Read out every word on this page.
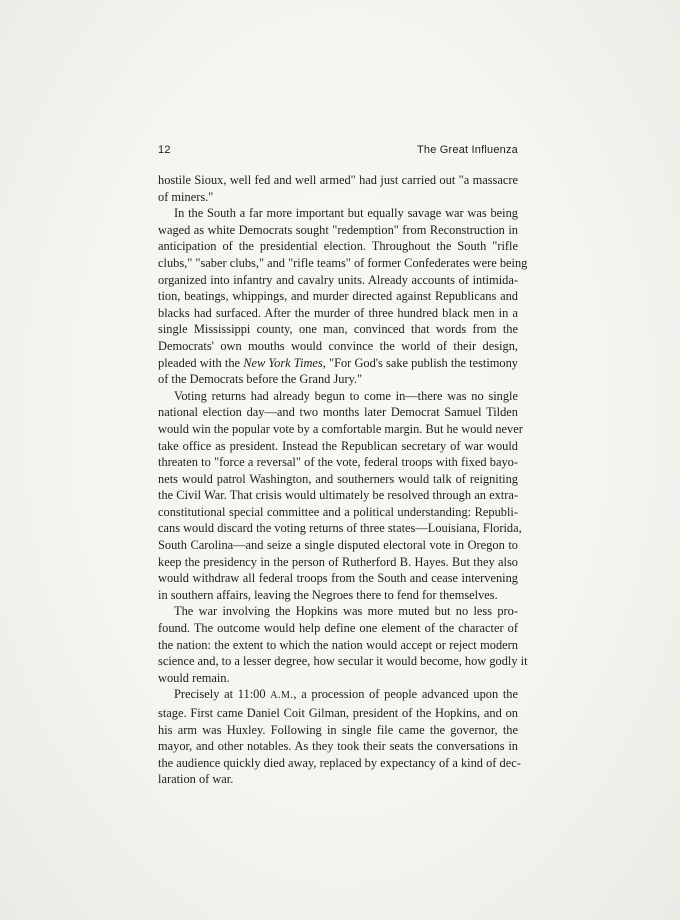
12	The Great Influenza

hostile Sioux, well fed and well armed" had just carried out "a massacre
of miners."

In the South a far more important but equally savage war was being
waged as white Democrats sought "redemption" from Reconstruction in
anticipation of the presidential election. Throughout the South "rifle
clubs," "saber clubs," and "rifle teams" of former Confederates were being
organized into infantry and cavalry units. Already accounts of intimida-
tion, beatings, whippings, and murder directed against Republicans and
blacks had surfaced. After the murder of three hundred black men in a
single Mississippi county, one man, convinced that words from the
Democrats' own mouths would convince the world of their design,
pleaded with the New York Times, "For God's sake publish the testimony
of the Democrats before the Grand Jury."

Voting returns had already begun to come in—there was no single
national election day—and two months later Democrat Samuel Tilden
would win the popular vote by a comfortable margin. But he would never
take office as president. Instead the Republican secretary of war would
threaten to "force a reversal" of the vote, federal troops with fixed bayo-
nets would patrol Washington, and southerners would talk of reigniting
the Civil War. That crisis would ultimately be resolved through an extra-
constitutional special committee and a political understanding: Republi-
cans would discard the voting returns of three states—Louisiana, Florida,
South Carolina—and seize a single disputed electoral vote in Oregon to
keep the presidency in the person of Rutherford B. Hayes. But they also
would withdraw all federal troops from the South and cease intervening
in southern affairs, leaving the Negroes there to fend for themselves.

The war involving the Hopkins was more muted but no less pro-
found. The outcome would help define one element of the character of
the nation: the extent to which the nation would accept or reject modern
science and, to a lesser degree, how secular it would become, how godly it
would remain.

Precisely at 11:00 A.M., a procession of people advanced upon the
stage. First came Daniel Coit Gilman, president of the Hopkins, and on
his arm was Huxley. Following in single file came the governor, the
mayor, and other notables. As they took their seats the conversations in
the audience quickly died away, replaced by expectancy of a kind of dec-
laration of war.
